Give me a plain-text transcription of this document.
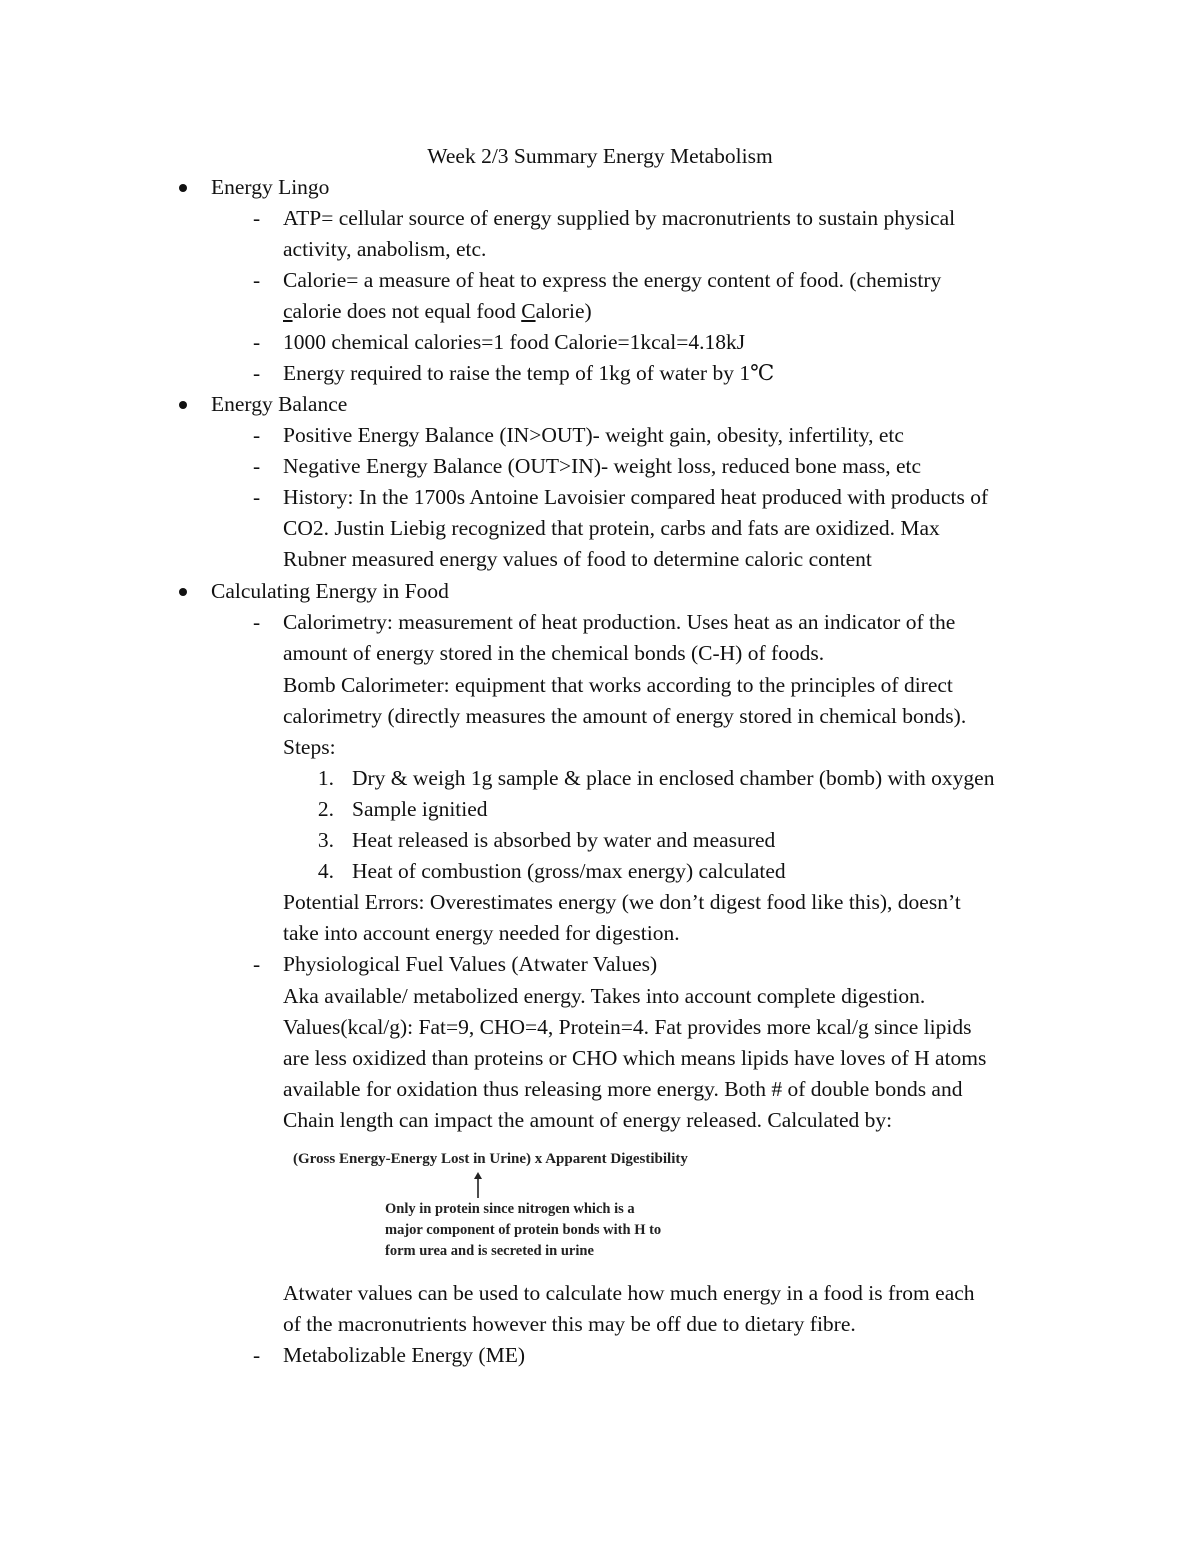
Week 2/3 Summary Energy Metabolism
Energy Lingo
- ATP= cellular source of energy supplied by macronutrients to sustain physical
activity, anabolism, etc.
- Calorie= a measure of heat to express the energy content of food. (chemistry
calorie does not equal food Calorie)
- 1000 chemical calories=1 food Calorie=1kcal=4.18kJ
- Energy required to raise the temp of 1kg of water by 1℃
Energy Balance
- Positive Energy Balance (IN>OUT)- weight gain, obesity, infertility, etc
- Negative Energy Balance (OUT>IN)- weight loss, reduced bone mass, etc
- History: In the 1700s Antoine Lavoisier compared heat produced with products of
CO2. Justin Liebig recognized that protein, carbs and fats are oxidized. Max
Rubner measured energy values of food to determine caloric content
Calculating Energy in Food
- Calorimetry: measurement of heat production. Uses heat as an indicator of the
amount of energy stored in the chemical bonds (C-H) of foods.
Bomb Calorimeter: equipment that works according to the principles of direct
calorimetry (directly measures the amount of energy stored in chemical bonds).
Steps:
1. Dry & weigh 1g sample & place in enclosed chamber (bomb) with oxygen
2. Sample ignitied
3. Heat released is absorbed by water and measured
4. Heat of combustion (gross/max energy) calculated
Potential Errors: Overestimates energy (we don’t digest food like this), doesn’t
take into account energy needed for digestion.
- Physiological Fuel Values (Atwater Values)
Aka available/ metabolized energy. Takes into account complete digestion.
Values(kcal/g): Fat=9, CHO=4, Protein=4. Fat provides more kcal/g since lipids
are less oxidized than proteins or CHO which means lipids have loves of H atoms
available for oxidation thus releasing more energy. Both # of double bonds and
Chain length can impact the amount of energy released. Calculated by:
(Gross Energy-Energy Lost in Urine) x Apparent Digestibility
Only in protein since nitrogen which is a
major component of protein bonds with H to
form urea and is secreted in urine
Atwater values can be used to calculate how much energy in a food is from each
of the macronutrients however this may be off due to dietary fibre.
- Metabolizable Energy (ME)
